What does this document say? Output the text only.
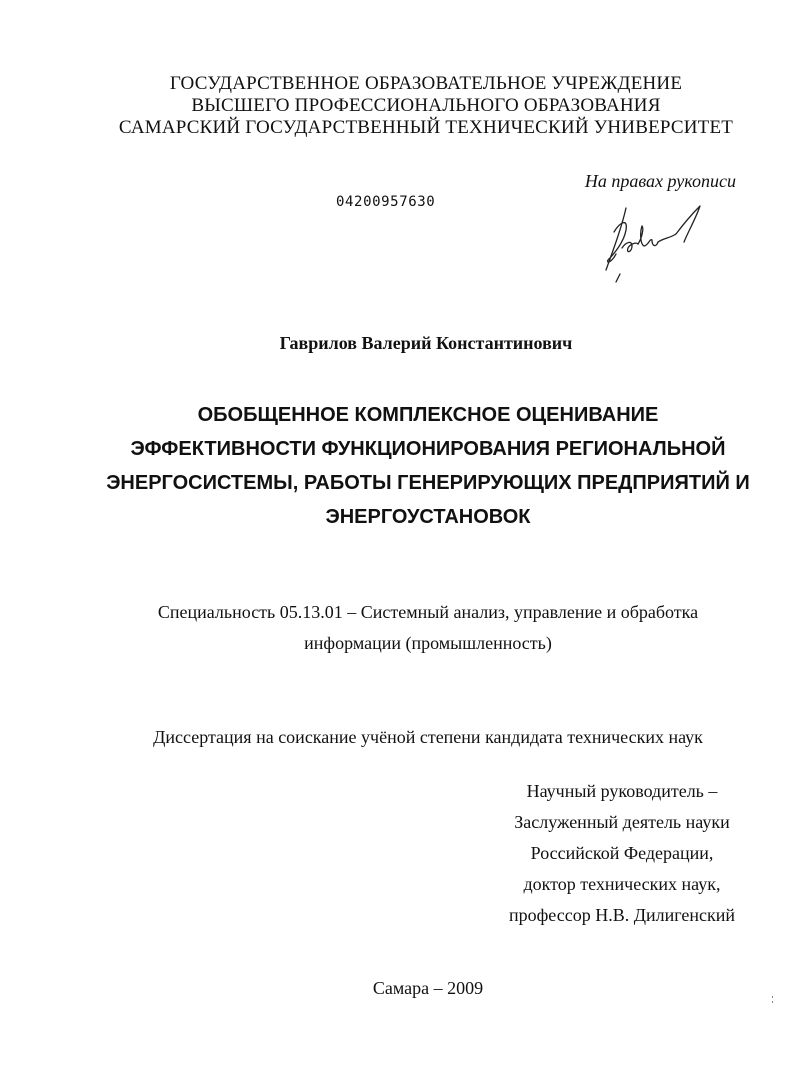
ГОСУДАРСТВЕННОЕ ОБРАЗОВАТЕЛЬНОЕ УЧРЕЖДЕНИЕ
ВЫСШЕГО ПРОФЕССИОНАЛЬНОГО ОБРАЗОВАНИЯ
САМАРСКИЙ ГОСУДАРСТВЕННЫЙ ТЕХНИЧЕСКИЙ УНИВЕРСИТЕТ
На правах рукописи
04200957630
Гаврилов Валерий Константинович
ОБОБЩЕННОЕ КОМПЛЕКСНОЕ ОЦЕНИВАНИЕ
ЭФФЕКТИВНОСТИ ФУНКЦИОНИРОВАНИЯ РЕГИОНАЛЬНОЙ
ЭНЕРГОСИСТЕМЫ, РАБОТЫ ГЕНЕРИРУЮЩИХ ПРЕДПРИЯТИЙ И
ЭНЕРГОУСТАНОВОК
Специальность 05.13.01 – Системный анализ, управление и обработка
информации (промышленность)
Диссертация на соискание учёной степени кандидата технических наук
Научный руководитель –
Заслуженный деятель науки
Российской Федерации,
доктор технических наук,
профессор Н.В. Дилигенский
Самара – 2009
